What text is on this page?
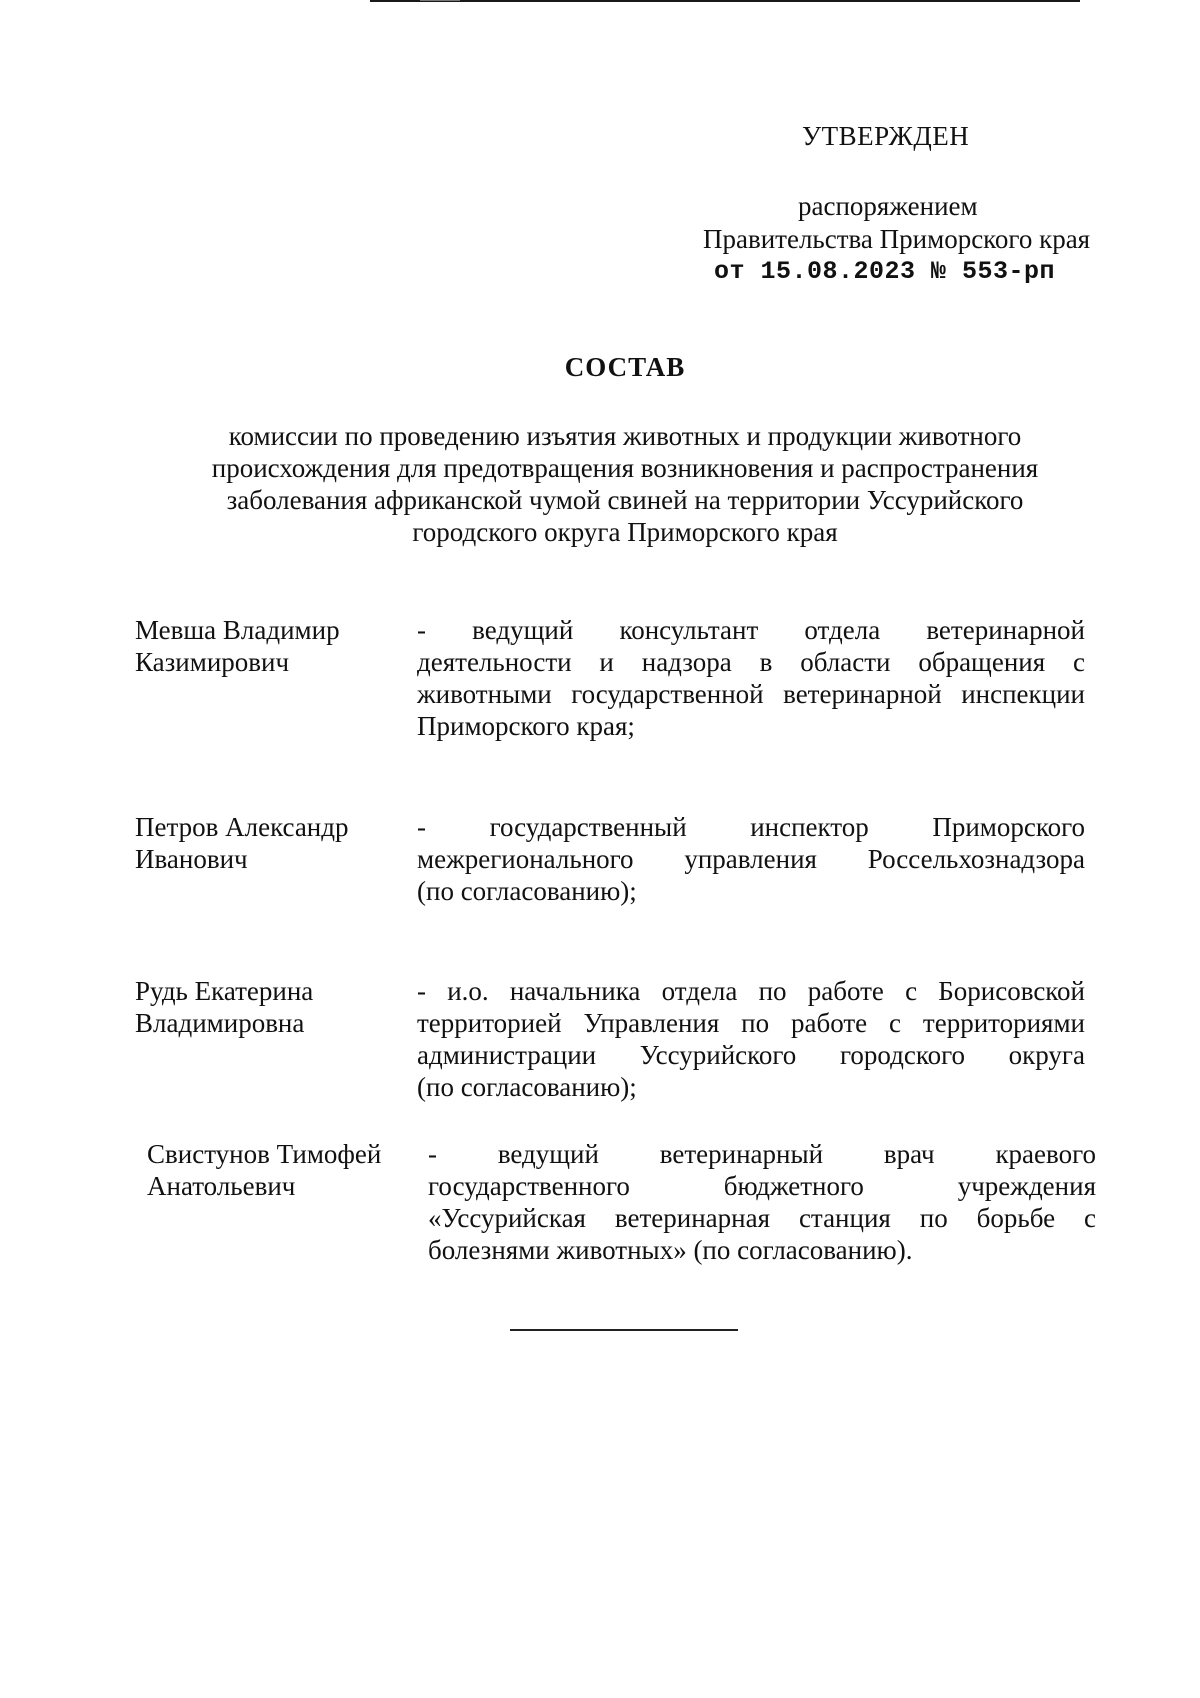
УТВЕРЖДЕН
распоряжением
Правительства Приморского края
от 15.08.2023 № 553-рп
СОСТАВ
комиссии по проведению изъятия животных и продукции животного
происхождения для предотвращения возникновения и распространения
заболевания африканской чумой свиней на территории Уссурийского
городского округа Приморского края
Мевша Владимир
Казимирович
- ведущий консультант отдела ветеринарной
деятельности и надзора в области обращения с
животными государственной ветеринарной инспекции
Приморского края;
Петров Александр
Иванович
- государственный инспектор Приморского
межрегионального управления Россельхознадзора
(по согласованию);
Рудь Екатерина
Владимировна
- и.о. начальника отдела по работе с Борисовской
территорией Управления по работе с территориями
администрации Уссурийского городского округа
(по согласованию);
Свистунов Тимофей
Анатольевич
- ведущий ветеринарный врач краевого
государственного бюджетного учреждения
«Уссурийская ветеринарная станция по борьбе с
болезнями животных» (по согласованию).
